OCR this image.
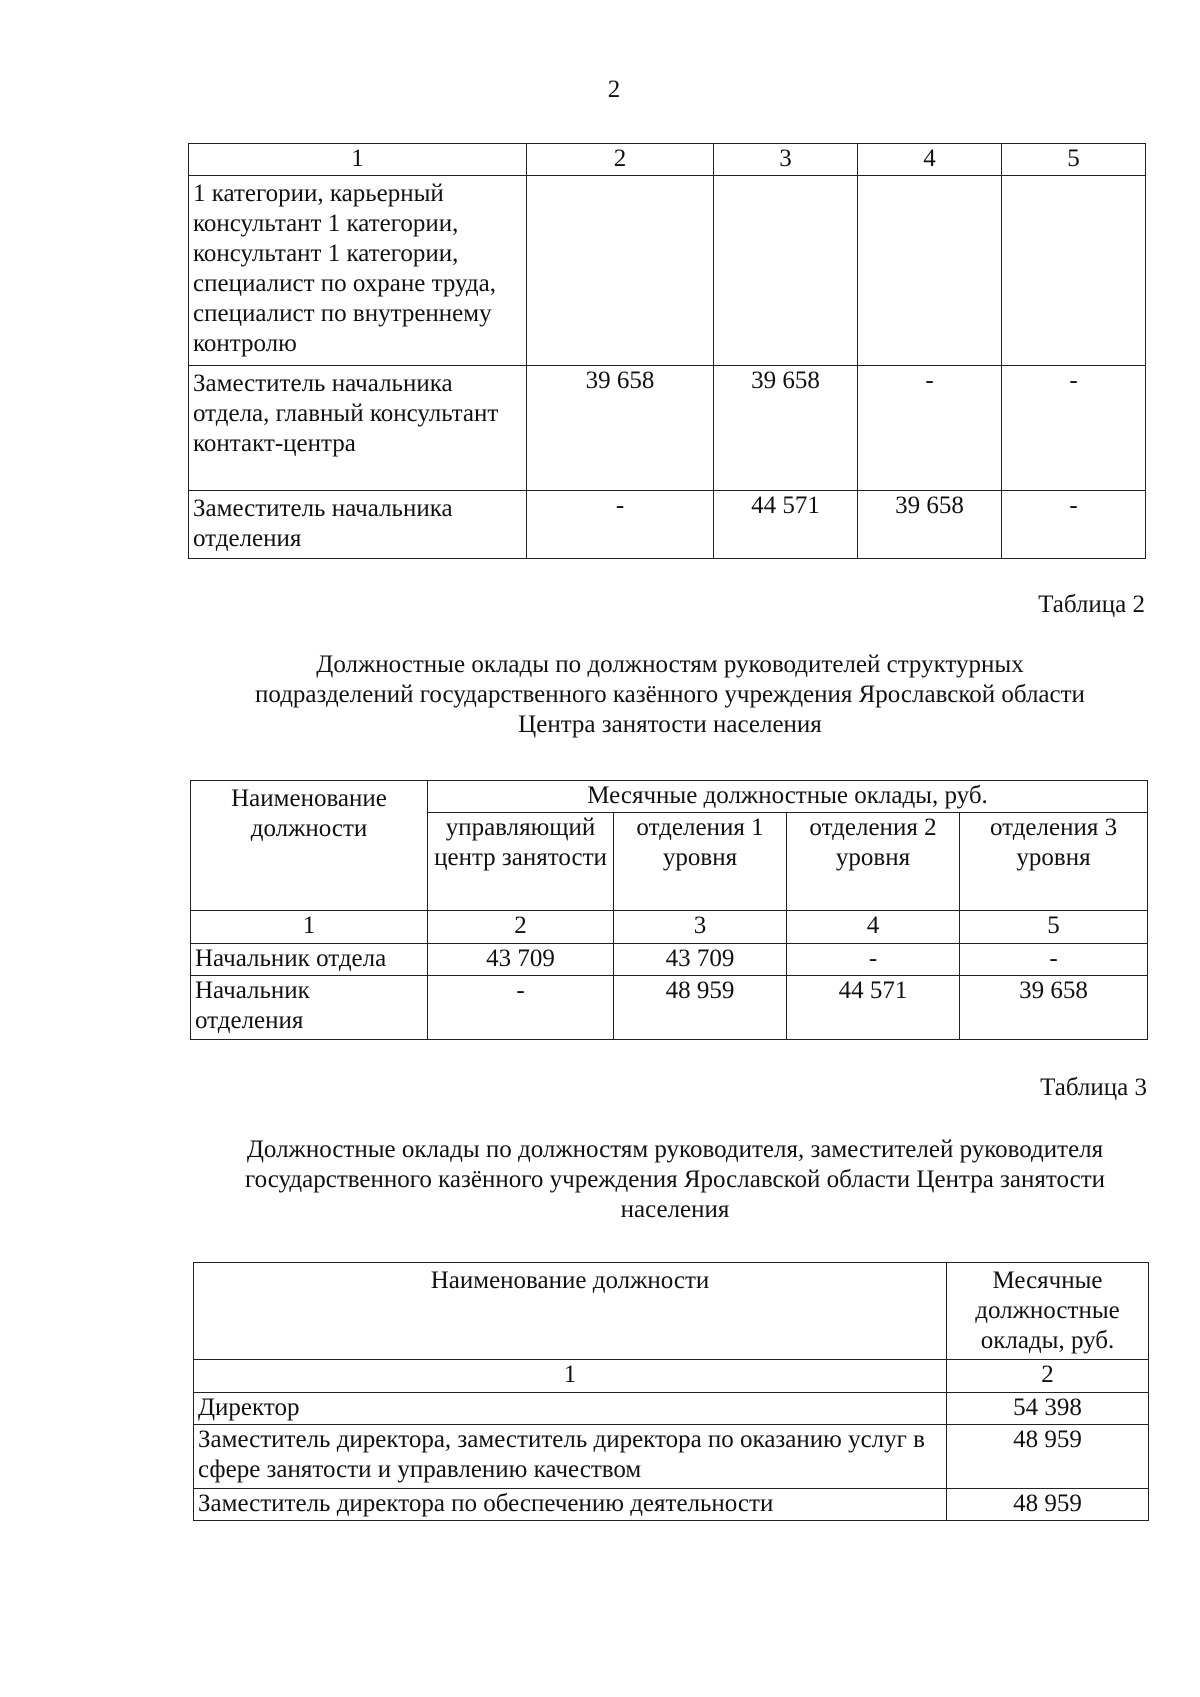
2
1	2	3	4	5
1 категории, карьерный консультант 1 категории, консультант 1 категории, специалист по охране труда, специалист по внутреннему контролю				
Заместитель начальника отдела, главный консультант контакт-центра	39 658	39 658	-	-
Заместитель начальника отделения	-	44 571	39 658	-
Таблица 2
Должностные оклады по должностям руководителей структурных подразделений государственного казённого учреждения Ярославской области Центра занятости населения
Наименование должности	Месячные должностные оклады, руб.			
	управляющий центр занятости	отделения 1 уровня	отделения 2 уровня	отделения 3 уровня
1	2	3	4	5
Начальник отдела	43 709	43 709	-	-
Начальник отделения	-	48 959	44 571	39 658
Таблица 3
Должностные оклады по должностям руководителя, заместителей руководителя государственного казённого учреждения Ярославской области Центра занятости населения
Наименование должности	Месячные должностные оклады, руб.
1	2
Директор	54 398
Заместитель директора, заместитель директора по оказанию услуг в сфере занятости и управлению качеством	48 959
Заместитель директора по обеспечению деятельности	48 959
